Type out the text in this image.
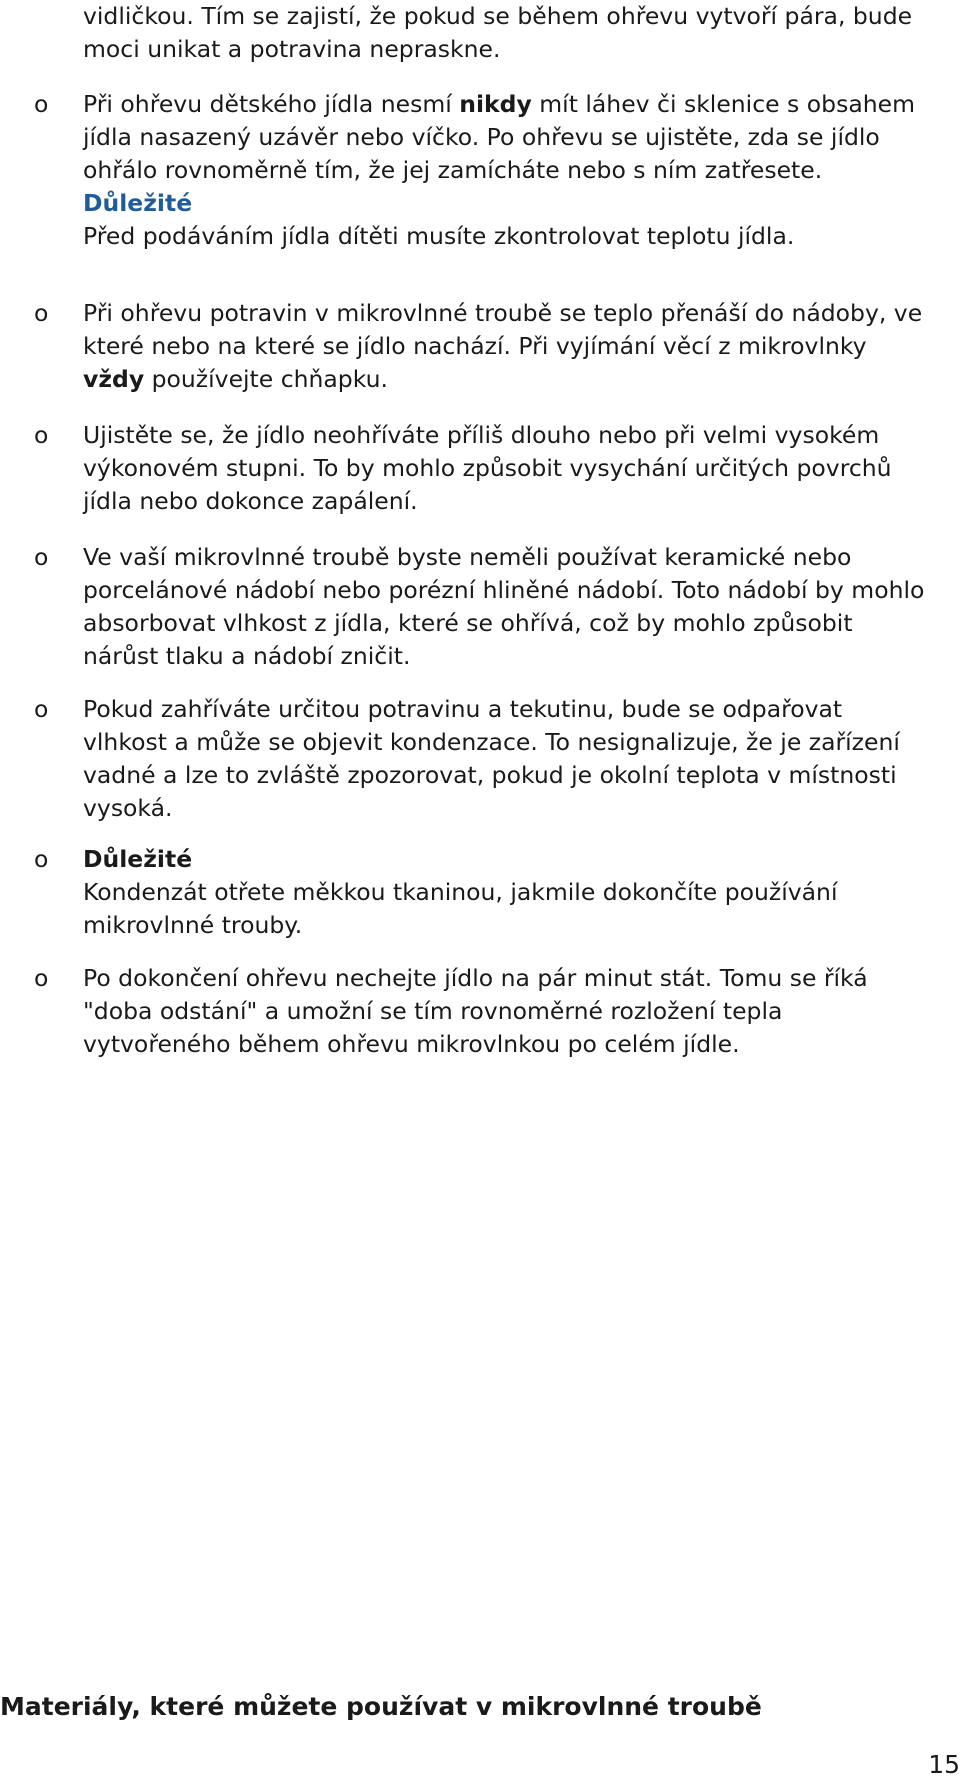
vidličkou. Tím se zajistí, že pokud se během ohřevu vytvoří pára, bude moci unikat a potravina nepraskne.
o Při ohřevu dětského jídla nesmí nikdy mít láhev či sklenice s obsahem jídla nasazený uzávěr nebo víčko. Po ohřevu se ujistěte, zda se jídlo ohřálo rovnoměrně tím, že jej zamícháte nebo s ním zatřesete.
Důležité
Před podáváním jídla dítěti musíte zkontrolovat teplotu jídla.
o Při ohřevu potravin v mikrovlnné troubě se teplo přenáší do nádoby, ve které nebo na které se jídlo nachází. Při vyjímání věcí z mikrovlnky vždy používejte chňapku.
o Ujistěte se, že jídlo neohříváte příliš dlouho nebo při velmi vysokém výkonovém stupni. To by mohlo způsobit vysychání určitých povrchů jídla nebo dokonce zapálení.
o Ve vaší mikrovlnné troubě byste neměli používat keramické nebo porcelánové nádobí nebo porézní hliněné nádobí. Toto nádobí by mohlo absorbovat vlhkost z jídla, které se ohřívá, což by mohlo způsobit nárůst tlaku a nádobí zničit.
o Pokud zahříváte určitou potravinu a tekutinu, bude se odpařovat vlhkost a může se objevit kondenzace. To nesignalizuje, že je zařízení vadné a lze to zvláště zpozorovat, pokud je okolní teplota v místnosti vysoká.
o Důležité
Kondenzát otřete měkkou tkaninou, jakmile dokončíte používání mikrovlnné trouby.
o Po dokončení ohřevu nechejte jídlo na pár minut stát. Tomu se říká "doba odstání" a umožní se tím rovnoměrné rozložení tepla vytvořeného během ohřevu mikrovlnkou po celém jídle.
Materiály, které můžete používat v mikrovlnné troubě
15
